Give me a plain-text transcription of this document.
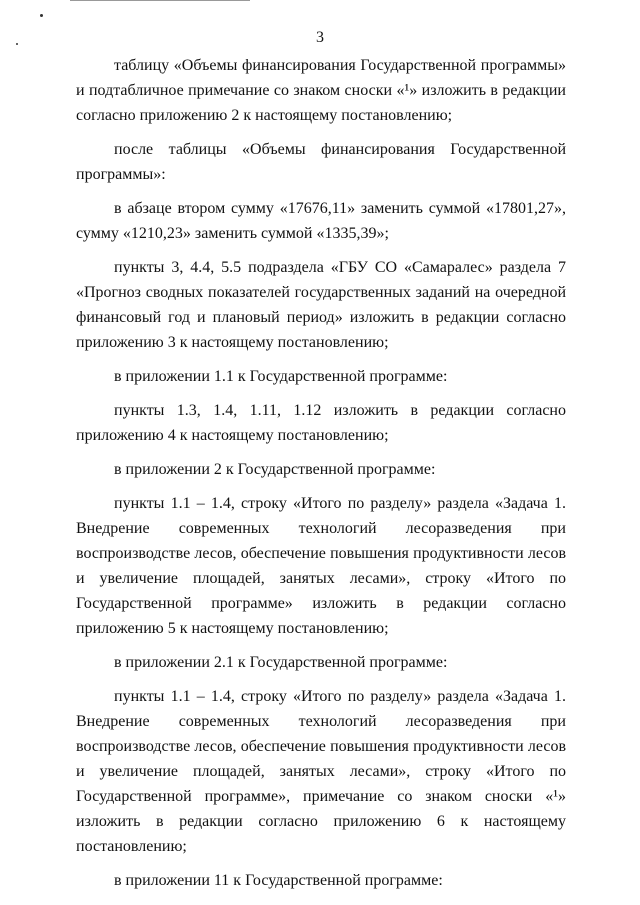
3

таблицу «Объемы финансирования Государственной программы» и подтабличное примечание со знаком сноски «¹» изложить в редакции согласно приложению 2 к настоящему постановлению;

после таблицы «Объемы финансирования Государственной программы»:

в абзаце втором сумму «17676,11» заменить суммой «17801,27», сумму «1210,23» заменить суммой «1335,39»;

пункты 3, 4.4, 5.5 подраздела «ГБУ СО «Самаралес» раздела 7 «Прогноз сводных показателей государственных заданий на очередной финансовый год и плановый период» изложить в редакции согласно приложению 3 к настоящему постановлению;

в приложении 1.1 к Государственной программе:

пункты 1.3, 1.4, 1.11, 1.12 изложить в редакции согласно приложению 4 к настоящему постановлению;

в приложении 2 к Государственной программе:

пункты 1.1 – 1.4, строку «Итого по разделу» раздела «Задача 1. Внедрение современных технологий лесоразведения при воспроизводстве лесов, обеспечение повышения продуктивности лесов и увеличение площадей, занятых лесами», строку «Итого по Государственной программе» изложить в редакции согласно приложению 5 к настоящему постановлению;

в приложении 2.1 к Государственной программе:

пункты 1.1 – 1.4, строку «Итого по разделу» раздела «Задача 1. Внедрение современных технологий лесоразведения при воспроизводстве лесов, обеспечение повышения продуктивности лесов и увеличение площадей, занятых лесами», строку «Итого по Государственной программе», примечание со знаком сноски «¹» изложить в редакции согласно приложению 6 к настоящему постановлению;

в приложении 11 к Государственной программе:
